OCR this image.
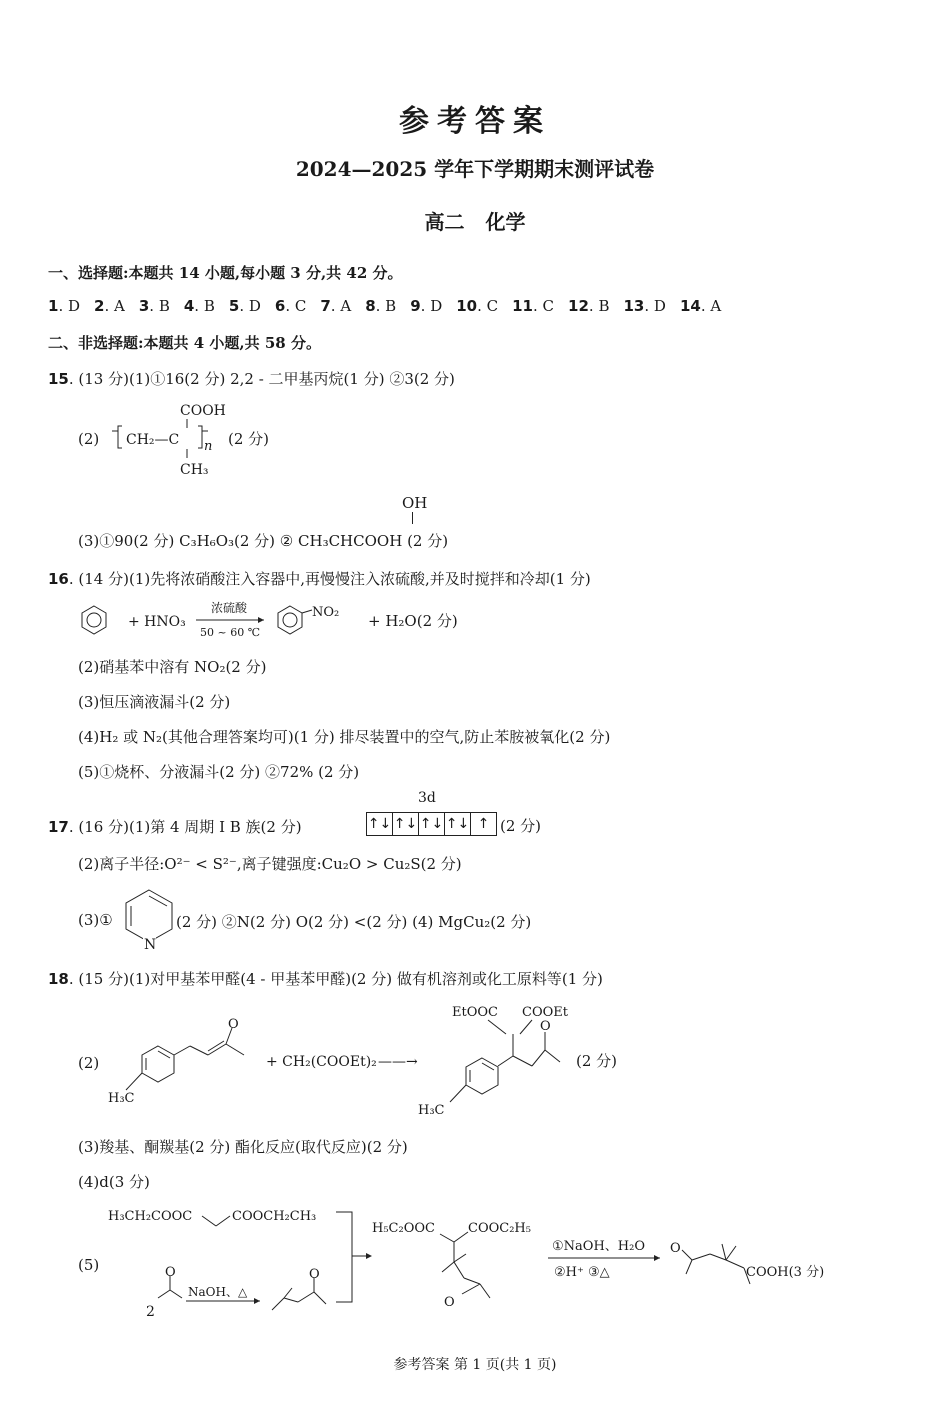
参考答案
2024—2025 学年下学期期末测评试卷
高二 化学
一、选择题:本题共 14 小题,每小题 3 分,共 42 分。
1. D 2. A 3. B 4. B 5. D 6. C 7. A 8. B 9. D 10. C 11. C 12. B 13. D 14. A
二、非选择题:本题共 4 小题,共 58 分。
15. (13 分)(1)①16(2 分) 2,2 - 二甲基丙烷(1 分) ②3(2 分)
(2)
COOH
CH₂—C n
CH₃
(2 分)
OH
(3)①90(2 分) C₃H₆O₃(2 分) ② CH₃CHCOOH (2 分)
16. (14 分)(1)先将浓硝酸注入容器中,再慢慢注入浓硫酸,并及时搅拌和冷却(1 分)
+ HNO₃
浓硫酸
50 ~ 60 ℃
NO₂ + H₂O(2 分)
(2)硝基苯中溶有 NO₂(2 分)
(3)恒压滴液漏斗(2 分)
(4)H₂ 或 N₂(其他合理答案均可)(1 分) 排尽装置中的空气,防止苯胺被氧化(2 分)
(5)①烧杯、分液漏斗(2 分) ②72% (2 分)
17. (16 分)(1)第 4 周期 Ⅰ B 族(2 分)
3d
↑↓ ↑↓ ↑↓ ↑↓ ↑ (2 分)
(2)离子半径:O²⁻ < S²⁻,离子键强度:Cu₂O > Cu₂S(2 分)
(3)①
N
(2 分) ②N(2 分) O(2 分) <(2 分) (4) MgCu₂(2 分)
18. (15 分)(1)对甲基苯甲醛(4 - 甲基苯甲醛)(2 分) 做有机溶剂或化工原料等(1 分)
(2)
O
H₃C
+ CH₂(COOEt)₂ ——→
EtOOC COOEt
O
H₃C
(2 分)
(3)羧基、酮羰基(2 分) 酯化反应(取代反应)(2 分)
(4)d(3 分)
(5)
H₃CH₂COOC	COOCH₂CH₃
2
O
NaOH、△
O
H₅C₂OOC	COOC₂H₅
O
①NaOH、H₂O
②H⁺ ③△
O
COOH(3 分)
参考答案 第 1 页(共 1 页)
